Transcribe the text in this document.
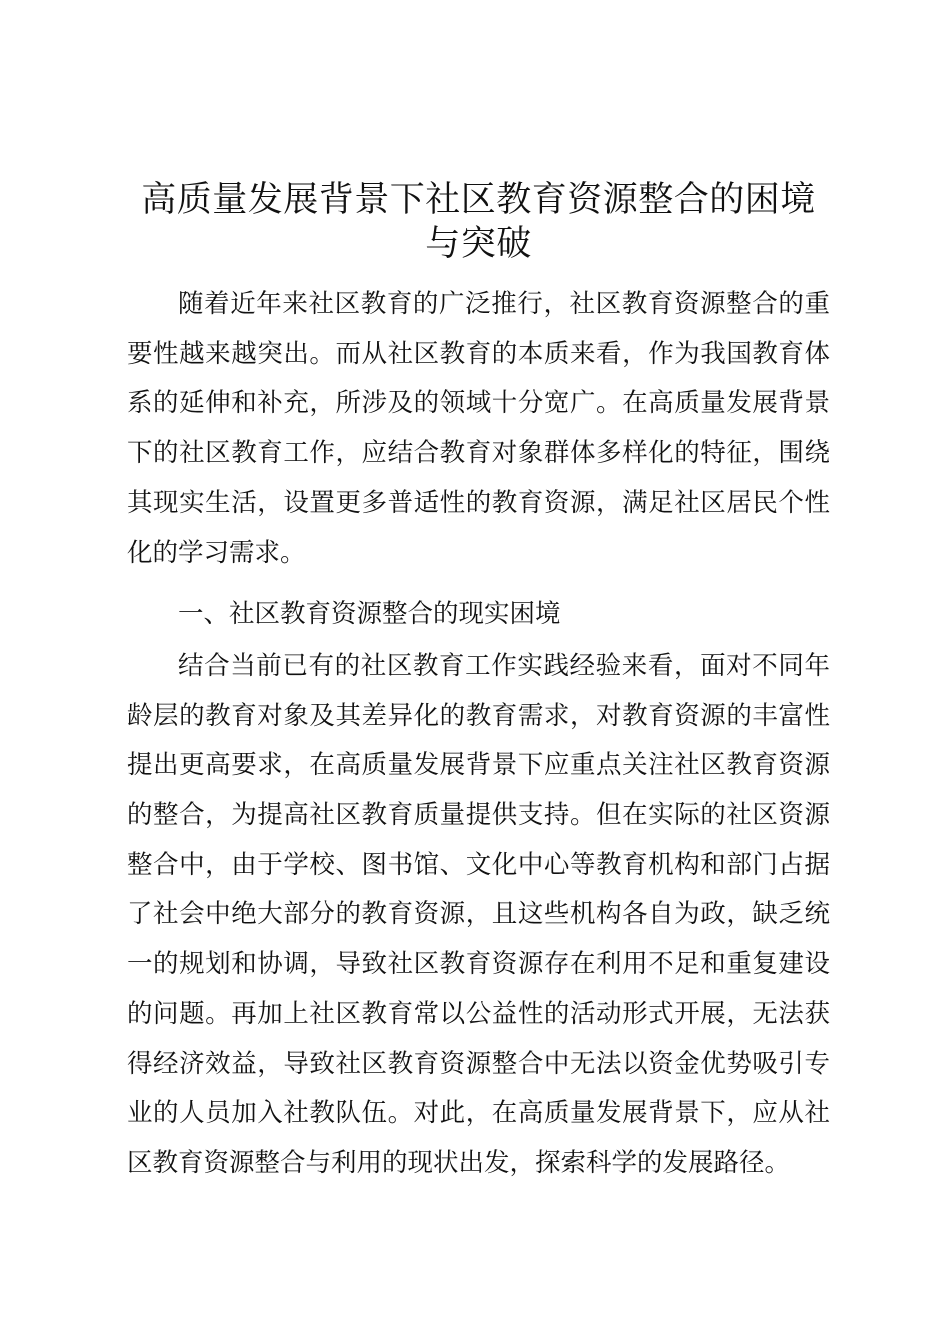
高质量发展背景下社区教育资源整合的困境与突破

随着近年来社区教育的广泛推行，社区教育资源整合的重要性越来越突出。而从社区教育的本质来看，作为我国教育体系的延伸和补充，所涉及的领域十分宽广。在高质量发展背景下的社区教育工作，应结合教育对象群体多样化的特征，围绕其现实生活，设置更多普适性的教育资源，满足社区居民个性化的学习需求。

一、社区教育资源整合的现实困境

结合当前已有的社区教育工作实践经验来看，面对不同年龄层的教育对象及其差异化的教育需求，对教育资源的丰富性提出更高要求，在高质量发展背景下应重点关注社区教育资源的整合，为提高社区教育质量提供支持。但在实际的社区资源整合中，由于学校、图书馆、文化中心等教育机构和部门占据了社会中绝大部分的教育资源，且这些机构各自为政，缺乏统一的规划和协调，导致社区教育资源存在利用不足和重复建设的问题。再加上社区教育常以公益性的活动形式开展，无法获得经济效益，导致社区教育资源整合中无法以资金优势吸引专业的人员加入社教队伍。对此，在高质量发展背景下，应从社区教育资源整合与利用的现状出发，探索科学的发展路径。
